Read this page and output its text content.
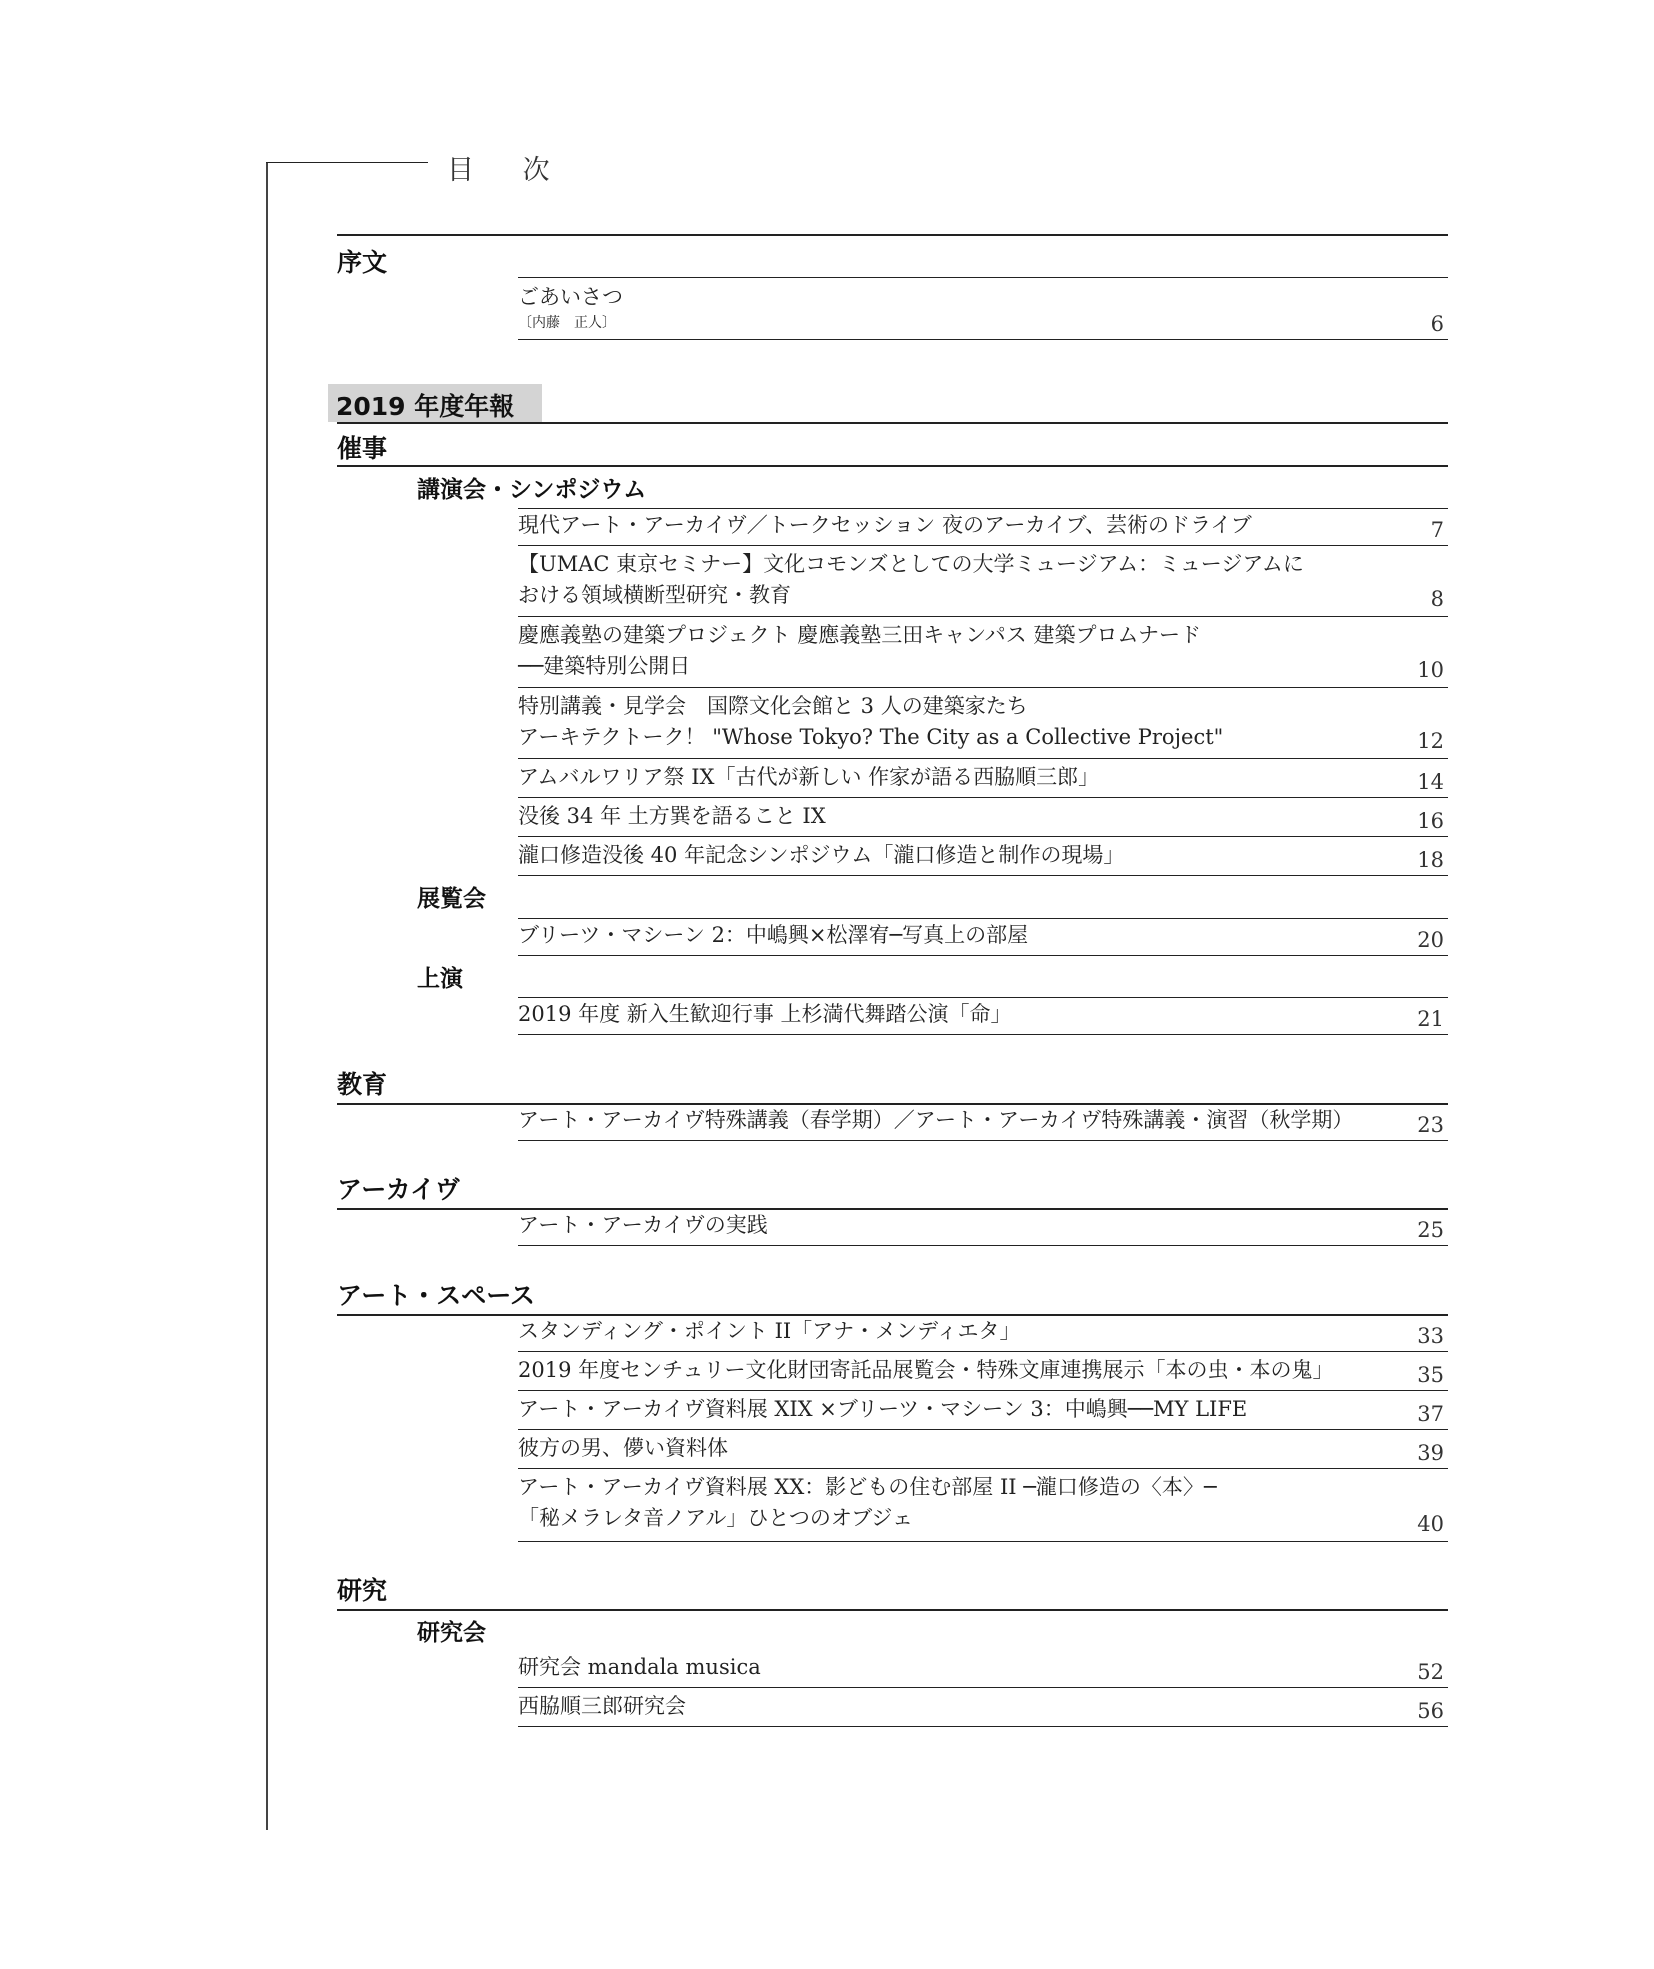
目 次
序文
ごあいさつ
〔内藤　正人〕	6
2019 年度年報
催事
講演会・シンポジウム
現代アート・アーカイヴ／トークセッション 夜のアーカイブ、芸術のドライブ	7
【UMAC 東京セミナー】文化コモンズとしての大学ミュージアム：ミュージアムに
おける領域横断型研究・教育	8
慶應義塾の建築プロジェクト 慶應義塾三田キャンパス 建築プロムナード
──建築特別公開日	10
特別講義・見学会　国際文化会館と 3 人の建築家たち
アーキテクトーク！ "Whose Tokyo? The City as a Collective Project"	12
アムバルワリア祭 IX「古代が新しい 作家が語る西脇順三郎」	14
没後 34 年 土方巽を語ること IX	16
瀧口修造没後 40 年記念シンポジウム「瀧口修造と制作の現場」	18
展覧会
ブリーツ・マシーン 2：中嶋興×松澤宥─写真上の部屋	20
上演
2019 年度 新入生歓迎行事 上杉満代舞踏公演「命」	21
教育
アート・アーカイヴ特殊講義（春学期）／アート・アーカイヴ特殊講義・演習（秋学期）	23
アーカイヴ
アート・アーカイヴの実践	25
アート・スペース
スタンディング・ポイント II「アナ・メンディエタ」	33
2019 年度センチュリー文化財団寄託品展覧会・特殊文庫連携展示「本の虫・本の鬼」	35
アート・アーカイヴ資料展 XIX ×ブリーツ・マシーン 3：中嶋興──MY LIFE	37
彼方の男、儚い資料体	39
アート・アーカイヴ資料展 XX：影どもの住む部屋 II ─瀧口修造の〈本〉─
「秘メラレタ音ノアル」ひとつのオブジェ	40
研究
研究会
研究会 mandala musica	52
西脇順三郎研究会	56
